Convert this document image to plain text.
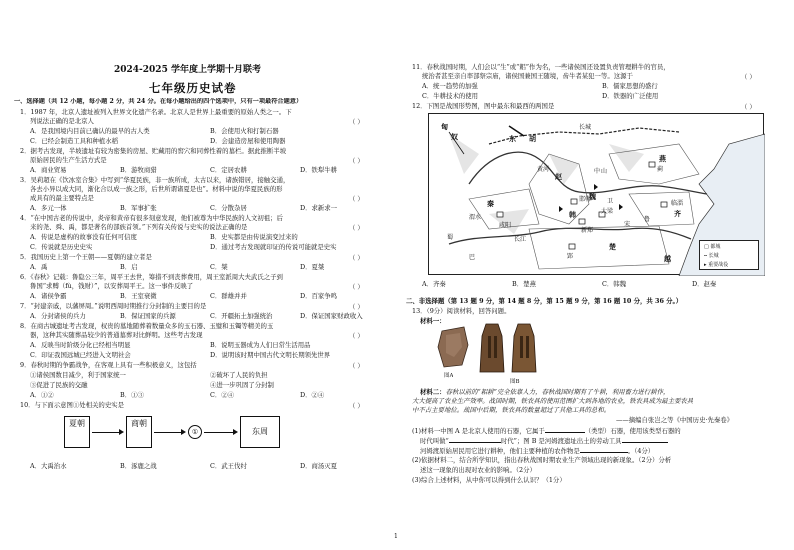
2024-2025 学年度上学期十月联考
七年级历史试卷
一、选择题（共 12 小题，每小题 2 分，共 24 分。在每小题给出的四个选项中，只有一项最符合题意）
1．1987 年，北京人遗址被列入世界文化遗产名录。北京人是世界上最重要的原始人类之一。下
列说法正确的是北京人	（ ）
A．是我国境内目前已确认的最早的古人类	B．会使用火和打制石器
C．已经会制造工具和种植水稻	D．会建造房屋和使用陶器
2．据考古发现，半坡遗址有较为密集的房屋、贮藏用的窖穴和同葬性着的墓栏。据此推断半坡
原始居民的生产生活方式是	（ ）
A．商业贸易	B．游牧商猎	C．定居农耕	D．铁犁牛耕
3．吴莉超在《饮冰室合集》中写到“华夏民族，非一族所成，太古以来，诸族错居，接触交通，
各去小异以成大同，渐化合以成一族之形，后世所谓诸夏是也”。材料中说的华夏民族的形
成具有的最主要特点是	（ ）
A．多元一体	B．军事扩张	C．分散杂居	D．求新求一
4．“在中国古老的传说中，炎帝和黄帝有很多刻意发现，他们被尊为中华民族的人文初祖；后
来的尧、舜、禹，都是著名的部族首领。”下列有关传说与史实的说法正确的是	（ ）
A．传说是虚构的故事没有任何可信度	B．史实都是由传说演变过来的
C．传说就是历史史实	D．通过考古发现就印证的传说可能就是史实
5．我国历史上第一个王朝——夏朝的建立者是	（ ）
A．禹	B．启	C．桀	D．夏桀
6．《春秋》记载：鲁隐公三年，周平王去世，筹措不到丧葬费用，周王室派周大夫武氏之子到
鲁国“求赙（fù，钱财）”，以安葬周平王。这一事件反映了	（ ）
A．诸侯争霸	B．王室衰微	C．群雄并并	D．百家争鸣
7．“封建亲戚，以藩屏周。”说明西周时期推行分封制的主要目的是	（ ）
A．分封诸侯的兵力	B．保证国家的兵源	C．开疆拓土加强统治	D．保证国家财政收入
8．在商古城遗址考古发现，权贵的墓地随葬着数量众多的玉石器、玉璧和玉镯等精美的玉
器，这种其实随葬品较少的普通墓葬对比鲜明。这些考古发现	（ ）
A．反映当时阶级分化已经相当明显	B．说明玉器成为人们日常生活用品
C．印证我国远城已经进入文明社会	D．说明该时期中国古代文明长期领先世界
9．春秋时期的争霸战争，在客观上具有一些积极意义，这包括	（ ）
①诸侯国数目减少，利于国家统一	②破坏了人民的负担
③促进了民族的交融	④进一步巩固了分封制
A．①②	B．①③	C．②④	D．②④
10．与下面示意图①处相关的史实是	（ ）
夏朝	商朝
①	东周
A．大禹治水	B．涿鹿之战	C．武王伐纣	D．商汤灭夏
11．春秋战国时期，人们会以“生”或“耜”作为名，一些诸侯国还设置负责管理耕牛的官员，
统治者甚至亲自率部祭宗庙，诸侯国兼国王随境，齿牛者某犯一等。这源于	（ ）
A．统一趋势的加强	B．儒家思想的盛行
C．牛耕技术的使用	D．铁器的广泛使用
12．下图是战国形势图，图中最东和最西的两国是	（ ）
匈
奴	东 胡
燕
赵
中 山
齐
鲁
宋
卫
韩
魏
秦
楚
越
巴
蜀
长城
黄河
长江
渭水
咸阳
郢
临淄
大梁
邯郸
新郑
蓟
□ 都城
┅ 长城
▸ 重要战役
A．齐秦	B．楚燕	C．韩魏	D．赵秦
二、非选择题（第 13 题 9 分，第 14 题 8 分，第 15 题 9 分，第 16 题 10 分，共 36 分。）
13．（9分）阅读材料，回答问题。
材料一：
图A
图B
材料二：春秋以前的“耜耕”完全依靠人力，春秋战国时期有了牛耕，利用畜力进行耕作，
大大提高了农业生产效率。战国时期，铁农具的使用范围扩大到各地的农业，铁农具成为最主要农具
中不占主要地位。战国中后期，铁农具的数量超过了其他工具的总和。
——摘编自张岂之等《中国历史·先秦卷》
(1)材料一中图 A 是北京人使用的石器，它属于	（类型）石器，使用该类型石器的
时代叫做“	时代”；图 B 是河姆渡遗址出土的劳动工具
河姆渡原始居民用它进行耕种，他们主要种植的农作物是	。（4分）
(2)依据材料二，结合所学知识，指出春秋战国时期农业生产领域出现的新现象。（2分）分析
述这一现象的出现对农业的影响。（2分）
(3)综合上述材料，从中你可以得到什么认识？（1分）
1
